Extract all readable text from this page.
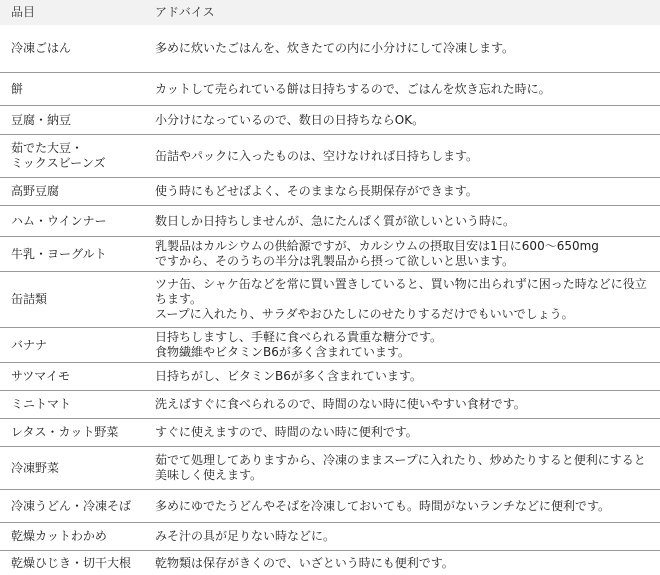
品目	アドバイス

冷凍ごはん	多めに炊いたごはんを、炊きたての内に小分けにして冷凍します。

餅	カットして売られている餅は日持ちするので、ごはんを炊き忘れた時に。

豆腐・納豆	小分けになっているので、数日の日持ちならOK。

茹でた大豆・
ミックスビーンズ	缶詰やパックに入ったものは、空けなければ日持ちします。

高野豆腐	使う時にもどせばよく、そのままなら長期保存ができます。

ハム・ウインナー	数日しか日持ちしませんが、急にたんぱく質が欲しいという時に。

牛乳・ヨーグルト	乳製品はカルシウムの供給源ですが、カルシウムの摂取目安は1日に600〜650mg
ですから、そのうちの半分は乳製品から摂って欲しいと思います。

缶詰類	ツナ缶、シャケ缶などを常に買い置きしていると、買い物に出られずに困った時などに役立ちます。
スープに入れたり、サラダやおひたしにのせたりするだけでもいいでしょう。

バナナ	日持ちしますし、手軽に食べられる貴重な糖分です。
食物繊維やビタミンB6が多く含まれています。

サツマイモ	日持ちがし、ビタミンB6が多く含まれています。

ミニトマト	洗えばすぐに食べられるので、時間のない時に使いやすい食材です。

レタス・カット野菜	すぐに使えますので、時間のない時に便利です。

冷凍野菜	茹でて処理してありますから、冷凍のままスープに入れたり、炒めたりすると便利にすると美味しく使えます。

冷凍うどん・冷凍そば	多めにゆでたうどんやそばを冷凍しておいても。時間がないランチなどに便利です。

乾燥カットわかめ	みそ汁の具が足りない時などに。

乾燥ひじき・切干大根	乾物類は保存がきくので、いざという時にも便利です。
